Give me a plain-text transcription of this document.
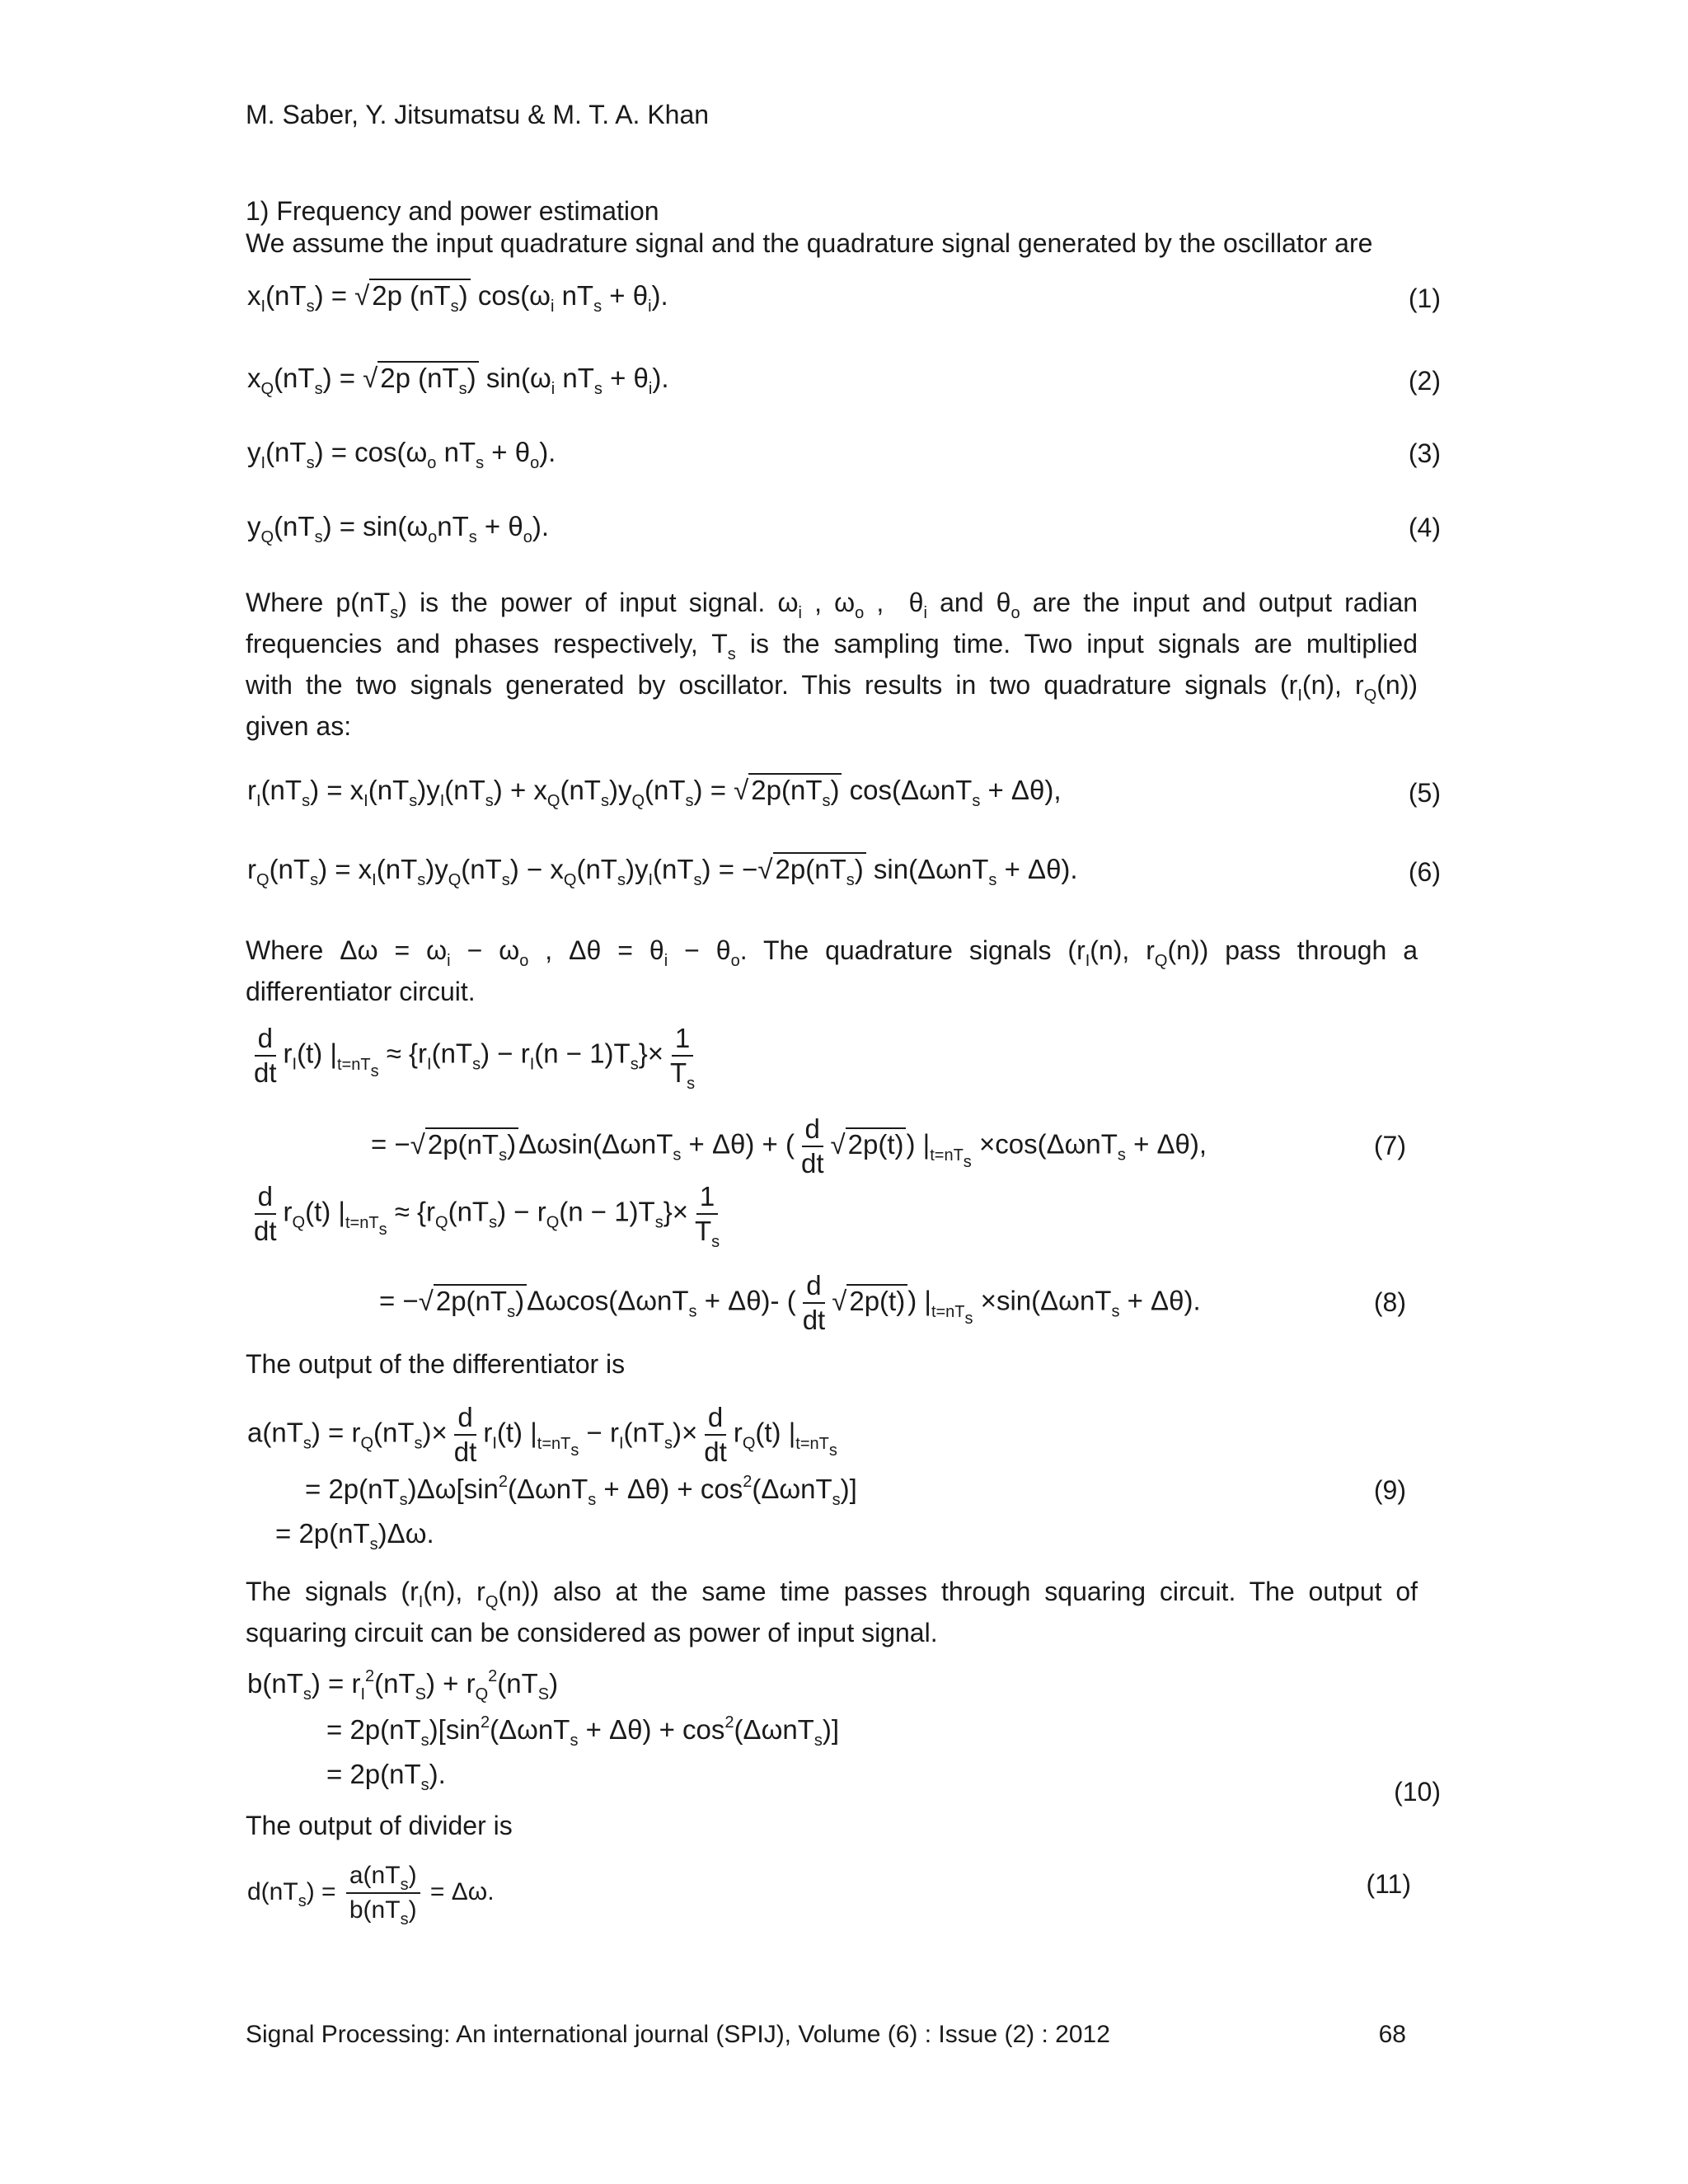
M. Saber, Y. Jitsumatsu & M. T. A. Khan
1) Frequency and power estimation
We assume the input quadrature signal and the quadrature signal generated by the oscillator are
$x_I(nT_s) = √2p$ $(nT_s)$ $\cos(\omega_i$ $nT_s + \theta_i$).	(1)
$x_Q(nT_s) = √2p$ $(nT_s)$ $\sin(\omega_i$ $nT_s + \theta_i$).	(2)
$y_I(nT_s) = \cos(\omega_o$ $nT_s + \theta_o$).	(3)
$y_Q(nT_s) = \sin(\omega_onT_s + \theta_o)$.	(4)
Where $p(nT_s)$ is the power of input signal. $\omega_i$ , $\omega_o$ ,  $\theta_i$ and $\theta_o$ are the input and output radian
frequencies and phases respectively, $T_s$ is the sampling time. Two input signals are multiplied
with the two signals generated by oscillator. This results in two quadrature signals ($r_I(n)$, $r_Q(n)$)
given as:
$r_I(nT_s) = x_I(nT_s)y_I(nT_s) + x_Q(nT_s)y_Q(nT_s) = √2p(nT_s) \cos(\Delta\omega nT_s + \Delta\theta)$,	(5)
$r_Q(nT_s) = x_I(nT_s)y_Q(nT_s) - x_Q(nT_s)y_I(nT_s) = -√2p(nT_s) \sin(\Delta\omega nT_s + \Delta\theta)$.	(6)
Where $\Delta\omega = \omega_i - \omega_o$ , $\Delta\theta = \theta_i - \theta_o$. The quadrature signals ($r_I(n)$, $r_Q(n)$) pass through a
differentiator circuit.
$\frac{d}{dt} r_I(t) |_{t=nT_s} \approx \{r_I(nT_s) - r_I(n - 1)T_s\}\times \frac{1}{T_s}$
= $-√2p(nT_s)\Delta\omega\sin(\Delta\omega nT_s + \Delta\theta)$ + ( $\frac{d}{dt} √2p(t)$) $|_{t=nT_s} \times\cos(\Delta\omega nT_s + \Delta\theta)$,	(7)
$\frac{d}{dt} r_Q(t) |_{t=nT_s} \approx \{r_Q(nT_s) - r_Q(n - 1)T_s\}\times \frac{1}{T_s}$
= $-√2p(nT_s)\Delta\omega\cos(\Delta\omega nT_s + \Delta\theta)-$ ( $\frac{d}{dt} √2p(t)$) $|_{t=nT_s} \times\sin(\Delta\omega nT_s + \Delta\theta)$.	(8)
The output of the differentiator is
$a(nT_s) = r_Q(nT_s)\times \frac{d}{dt} r_I(t) |_{t=nT_s} - r_I(nT_s)\times \frac{d}{dt} r_Q(t)$ $|_{t=nT_s}$
= $2p(nT_s)\Delta\omega[\sin^2(\Delta\omega nT_s + \Delta\theta) + \cos^2(\Delta\omega nT_s)]$	(9)
= $2p(nT_s)\Delta\omega$.
The signals ($r_I(n)$, $r_Q(n)$) also at the same time passes through squaring circuit. The output of
squaring circuit can be considered as power of input signal.
$b(nT_s) = r_I^2(nT_S) + r_Q^2(nT_S)$
= $2p(nT_s)[\sin^2(\Delta\omega nT_s + \Delta\theta) + \cos^2(\Delta\omega nT_s)]$
= $2p(nT_s)$.
(10)
The output of divider is
$d(nT_s) = \frac{a(nT_s)}{b(nT_s)} = \Delta\omega$.	(11)
Signal Processing: An international journal (SPIJ), Volume (6) : Issue (2) : 2012	68
